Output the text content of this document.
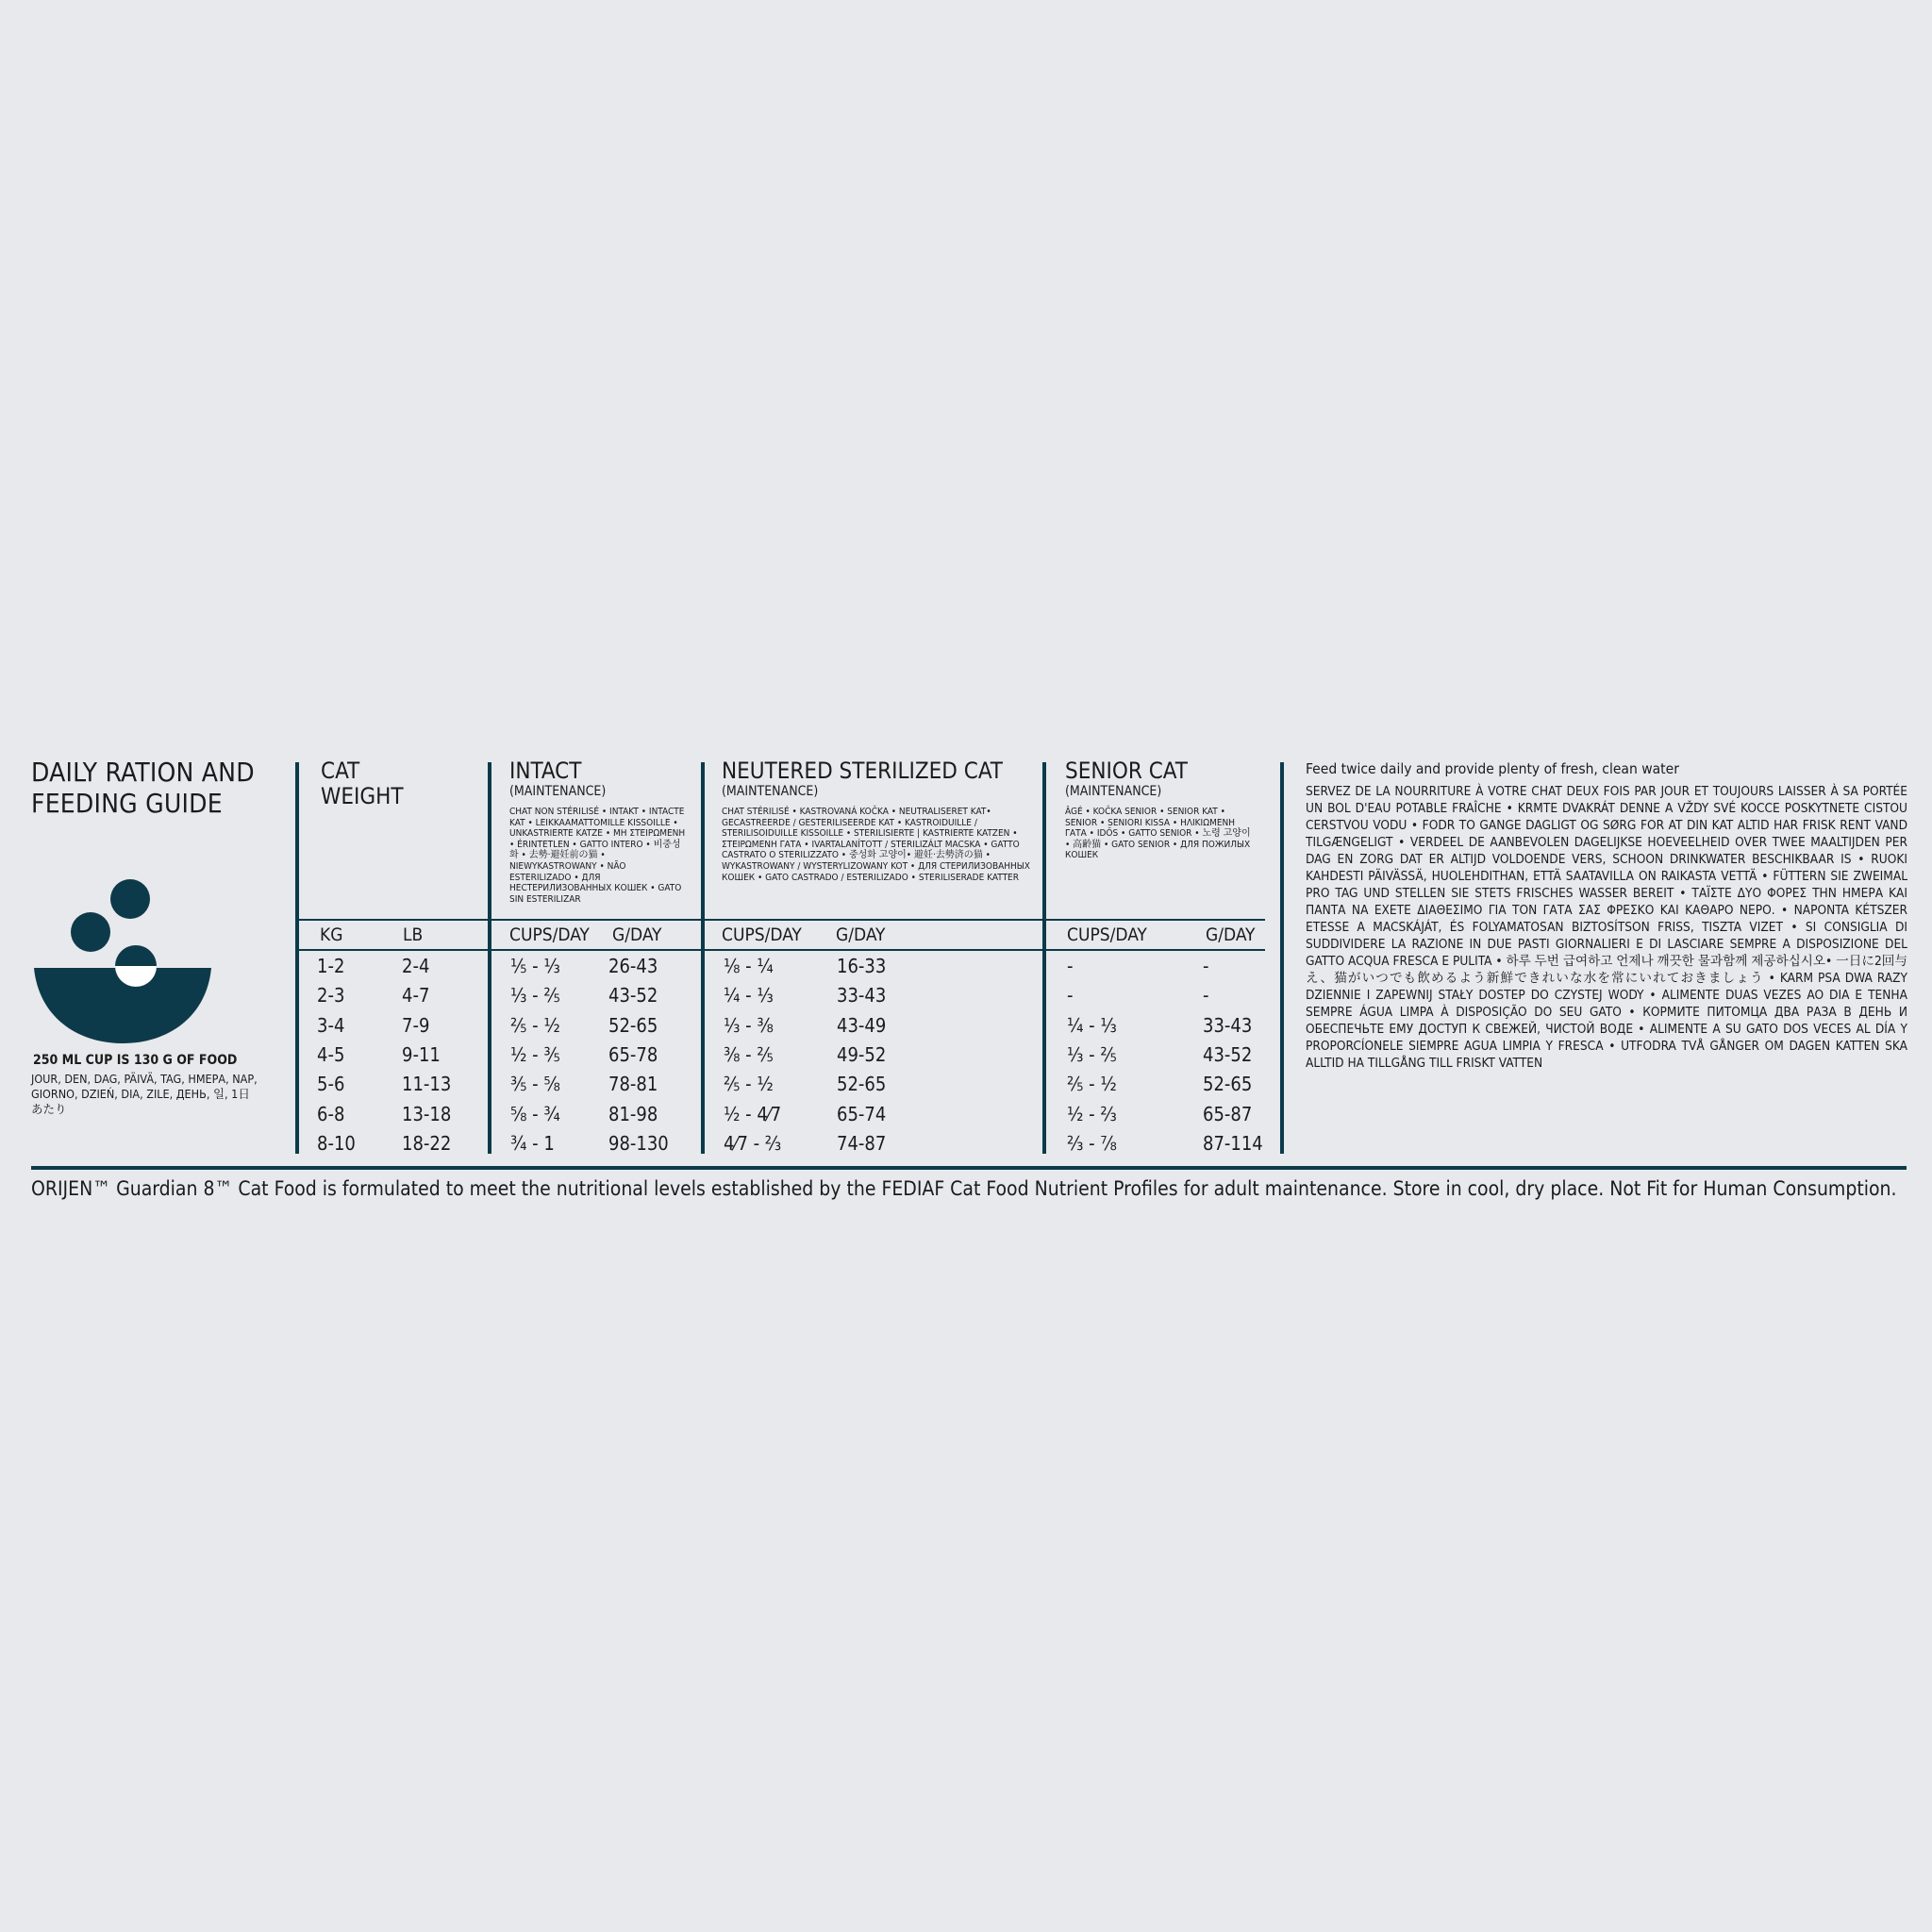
DAILY RATION AND
FEEDING GUIDE
250 ML CUP IS 130 G OF FOOD
JOUR, DEN, DAG, PÄIVÄ, TAG, НМЕРА, NAP, GIORNO, DZIEŃ, DIA, ZILE, ДЕНЬ, 일, 1日あたり
CAT
WEIGHT
INTACT
(MAINTENANCE)
CHAT NON STÉRILISÉ • INTAKT • INTACTE KAT • LEIKKAAMATTOMILLE KISSOILLE • UNKASTRIERTE KATZE • ΜΗ ΣΤΕΙΡΩΜΕΝΗ • ÉRINTETLEN • GATTO INTERO • 비중성화 • 去勢·避妊前の猫 • NIEWYKASTROWANY • NÃO ESTERILIZADO • ДЛЯ НЕСТЕРИЛИЗОВАННЫХ КОШЕК • GATO SIN ESTERILIZAR
NEUTERED STERILIZED CAT
(MAINTENANCE)
CHAT STÉRILISÉ • KASTROVANÁ KOČKA • NEUTRALISERET KAT• GECASTREERDE / GESTERILISEERDE KAT • KASTROIDUILLE / STERILISOIDUILLE KISSOILLE • STERILISIERTE | KASTRIERTE KATZEN • ΣΤΕΙΡΩΜΕΝΗ ΓΑΤΑ • IVARTALANÍTOTT / STERILIZÁLT MACSKA • GATTO CASTRATO O STERILIZZATO • 중성화 고양이• 避妊·去勢済の猫 • WYKASTROWANY / WYSTERYLIZOWANY KOT • ДЛЯ СТЕРИЛИЗОВАННЫХ КОШЕК • GATO CASTRADO / ESTERILIZADO • STERILISERADE KATTER
SENIOR CAT
(MAINTENANCE)
ÂGÉ • KOČKA SENIOR • SENIOR KAT • SENIOR • SENIORI KISSA • ΗΛΙΚΙΩΜΕΝΗ ΓΑΤΑ • IDŐS • GATTO SENIOR • 노령 고양이 • 高齢猫 • GATO SENIOR • ДЛЯ ПОЖИЛЫХ КОШЕК
KG	LB	CUPS/DAY G/DAY	CUPS/DAY G/DAY	CUPS/DAY	G/DAY
1-2	2-4	⅕ - ⅓	26-43	⅛ - ¼	16-33	-	-
2-3	4-7	⅓ - ⅖	43-52	¼ - ⅓	33-43	-	-
3-4	7-9	⅖ - ½	52-65	⅓ - ⅜	43-49	¼ - ⅓	33-43
4-5	9-11	½ - ⅗	65-78	⅜ - ⅖	49-52	⅓ - ⅖	43-52
5-6	11-13	⅗ - ⅝	78-81	⅖ - ½	52-65	⅖ - ½	52-65
6-8	13-18	⅝ - ¾	81-98	½ - 4⁄7	65-74	½ - ⅔	65-87
8-10	18-22	¾ - 1	98-130	4⁄7 - ⅔	74-87	⅔ - ⅞	87-114
Feed twice daily and provide plenty of fresh, clean water
SERVEZ DE LA NOURRITURE À VOTRE CHAT DEUX FOIS PAR JOUR ET TOUJOURS LAISSER À SA PORTÉE UN BOL D'EAU POTABLE FRAÎCHE • KRMTE DVAKRÁT DENNE A VŽDY SVÉ KOCCE POSKYTNETE CISTOU CERSTVOU VODU • FODR TO GANGE DAGLIGT OG SØRG FOR AT DIN KAT ALTID HAR FRISK RENT VAND TILGÆNGELIGT • VERDEEL DE AANBEVOLEN DAGELIJKSE HOEVEELHEID OVER TWEE MAALTIJDEN PER DAG EN ZORG DAT ER ALTIJD VOLDOENDE VERS, SCHOON DRINKWATER BESCHIKBAAR IS • RUOKI KAHDESTI PÄIVÄSSÄ, HUOLEHDITHAN, ETTÄ SAATAVILLA ON RAIKASTA VETTÄ • FÜTTERN SIE ZWEIMAL PRO TAG UND STELLEN SIE STETS FRISCHES WASSER BEREIT • ΤΑΪΣΤΕ ΔΥΟ ΦΟΡΕΣ ΤΗΝ ΗΜΕΡΑ ΚΑΙ ΠΑΝΤΑ ΝΑ ΕΧΕΤΕ ΔΙΑΘΕΣΙΜΟ ΓΙΑ ΤΟΝ ΓΑΤΑ ΣΑΣ ΦΡΕΣΚΟ ΚΑΙ ΚΑΘΑΡΟ ΝΕΡΟ. • NAPONTA KÉTSZER ETESSE A MACSKÁJÁT, ÉS FOLYAMATOSAN BIZTOSÍTSON FRISS, TISZTA VIZET • SI CONSIGLIA DI SUDDIVIDERE LA RAZIONE IN DUE PASTI GIORNALIERI E DI LASCIARE SEMPRE A DISPOSIZIONE DEL GATTO ACQUA FRESCA E PULITA • 하루 두번 급여하고 언제나 깨끗한 물과함께 제공하십시오• 一日に2回与え、猫がいつでも飲めるよう新鮮できれいな水を常にいれておきましょう • KARM PSA DWA RAZY DZIENNIE I ZAPEWNIJ STAŁY DOSTEP DO CZYSTEJ WODY • ALIMENTE DUAS VEZES AO DIA E TENHA SEMPRE ÁGUA LIMPA À DISPOSIÇÃO DO SEU GATO • КОРМИТЕ ПИТОМЦА ДВА РАЗА В ДЕНЬ И ОБЕСПЕЧЬТЕ ЕМУ ДОСТУП К СВЕЖЕЙ, ЧИСТОЙ ВОДЕ • ALIMENTE A SU GATO DOS VECES AL DÍA Y PROPORCÍONELE SIEMPRE AGUA LIMPIA Y FRESCA • UTFODRA TVÅ GÅNGER OM DAGEN KATTEN SKA ALLTID HA TILLGÅNG TILL FRISKT VATTEN
ORIJEN™ Guardian 8™ Cat Food is formulated to meet the nutritional levels established by the FEDIAF Cat Food Nutrient Profiles for adult maintenance. Store in cool, dry place. Not Fit for Human Consumption.
